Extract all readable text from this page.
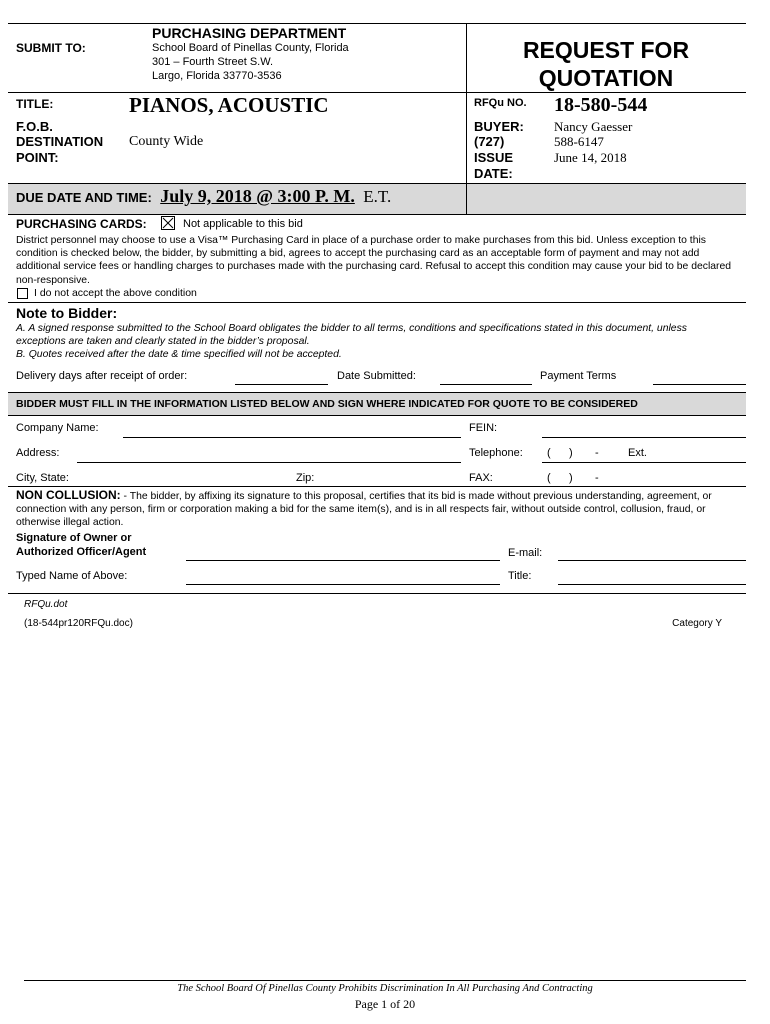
SUBMIT TO:
PURCHASING DEPARTMENT
School Board of Pinellas County, Florida
301 – Fourth Street S.W.
Largo, Florida 33770-3536
REQUEST FOR
QUOTATION
TITLE:	PIANOS, ACOUSTIC	RFQu NO. 18-580-544
F.O.B.
DESTINATION
POINT:
County Wide
BUYER: Nancy Gaesser
(727)	588-6147
ISSUE
DATE:
June 14, 2018
DUE DATE AND TIME: July 9, 2018 @ 3:00 P. M. E.T.
PURCHASING CARDS:	Not applicable to this bid
District personnel may choose to use a Visa™ Purchasing Card in place of a purchase order to make purchases from this bid. Unless exception to this condition is checked below, the bidder, by submitting a bid, agrees to accept the purchasing card as an acceptable form of payment and may not add additional service fees or handling charges to purchases made with the purchasing card. Refusal to accept this condition may cause your bid to be declared non-responsive.
I do not accept the above condition
Note to Bidder:
A. A signed response submitted to the School Board obligates the bidder to all terms, conditions and specifications stated in this document, unless exceptions are taken and clearly stated in the bidder’s proposal.
B. Quotes received after the date & time specified will not be accepted.
Delivery days after receipt of order:	Date Submitted:	Payment Terms
BIDDER MUST FILL IN THE INFORMATION LISTED BELOW AND SIGN WHERE INDICATED FOR QUOTE TO BE CONSIDERED
Company Name:	FEIN:
Address:	Telephone: (      ) -	Ext.
City, State:	Zip:	FAX:	(      ) -
NON COLLUSION: - The bidder, by affixing its signature to this proposal, certifies that its bid is made without previous understanding, agreement, or connection with any person, firm or corporation making a bid for the same item(s), and is in all respects fair, without outside control, collusion, fraud, or otherwise illegal action.
Signature of Owner or
Authorized Officer/Agent	E-mail:
Typed Name of Above:	Title:
RFQu.dot
(18-544pr120RFQu.doc)	Category Y
The School Board Of Pinellas County Prohibits Discrimination In All Purchasing And Contracting
Page 1 of 20
